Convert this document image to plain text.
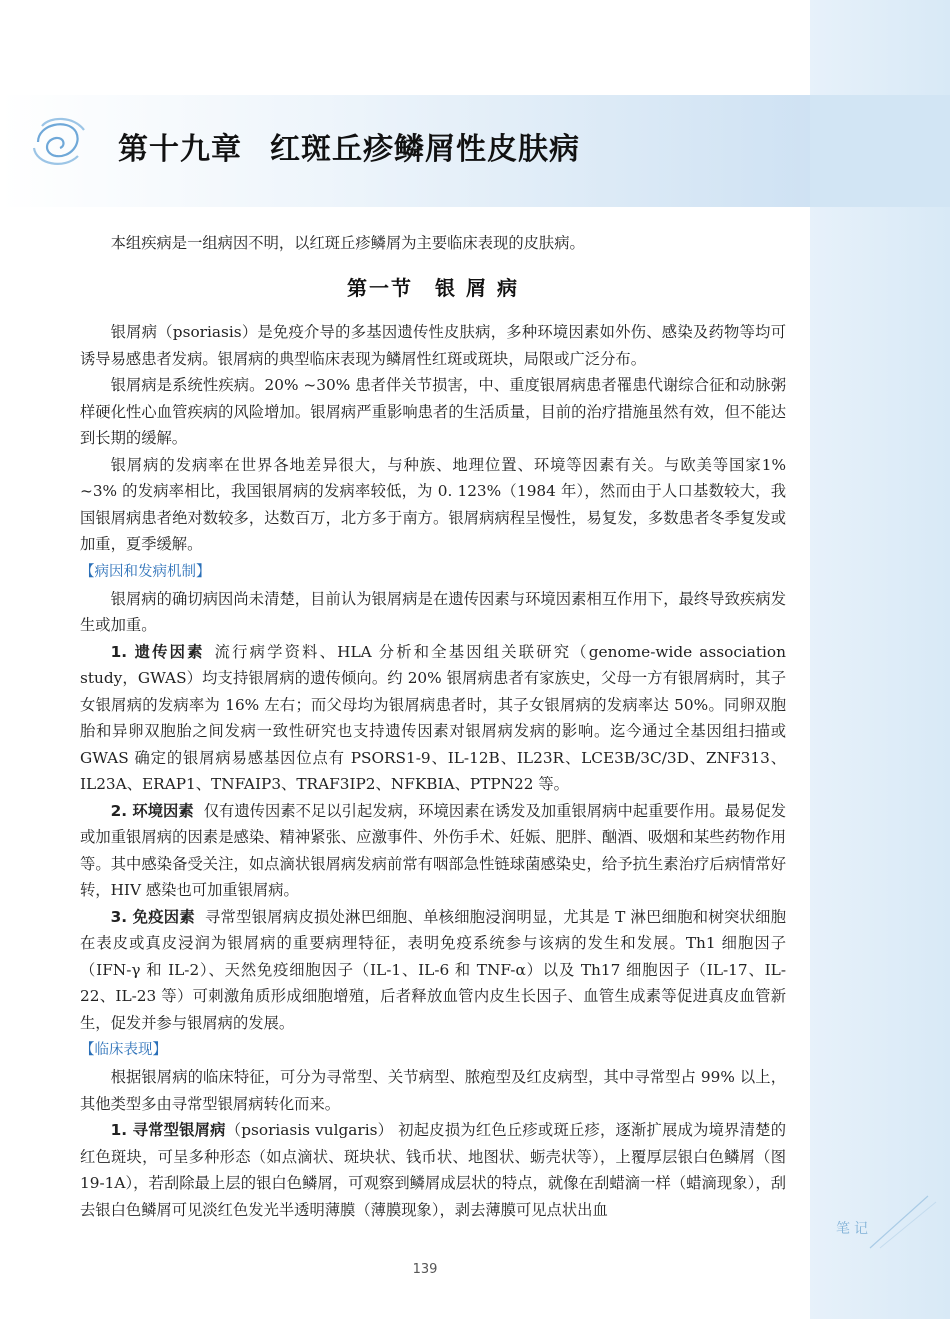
第十九章 红斑丘疹鳞屑性皮肤病

本组疾病是一组病因不明，以红斑丘疹鳞屑为主要临床表现的皮肤病。

第一节 银 屑 病

银屑病（psoriasis）是免疫介导的多基因遗传性皮肤病，多种环境因素如外伤、感染及药物等均可诱导易感患者发病。银屑病的典型临床表现为鳞屑性红斑或斑块，局限或广泛分布。

银屑病是系统性疾病。20% ~30% 患者伴关节损害，中、重度银屑病患者罹患代谢综合征和动脉粥样硬化性心血管疾病的风险增加。银屑病严重影响患者的生活质量，目前的治疗措施虽然有效，但不能达到长期的缓解。

银屑病的发病率在世界各地差异很大，与种族、地理位置、环境等因素有关。与欧美等国家1% ~3% 的发病率相比，我国银屑病的发病率较低，为 0. 123%（1984 年），然而由于人口基数较大，我国银屑病患者绝对数较多，达数百万，北方多于南方。银屑病病程呈慢性，易复发，多数患者冬季复发或加重，夏季缓解。

【病因和发病机制】

银屑病的确切病因尚未清楚，目前认为银屑病是在遗传因素与环境因素相互作用下，最终导致疾病发生或加重。

1. 遗传因素 流行病学资料、HLA 分析和全基因组关联研究（genome-wide association study，GWAS）均支持银屑病的遗传倾向。约 20% 银屑病患者有家族史，父母一方有银屑病时，其子女银屑病的发病率为 16% 左右；而父母均为银屑病患者时，其子女银屑病的发病率达 50%。同卵双胞胎和异卵双胞胎之间发病一致性研究也支持遗传因素对银屑病发病的影响。迄今通过全基因组扫描或 GWAS 确定的银屑病易感基因位点有 PSORS1-9、IL-12B、IL23R、LCE3B/3C/3D、ZNF313、IL23A、ERAP1、TNFAIP3、TRAF3IP2、NFKBIA、PTPN22 等。

2. 环境因素 仅有遗传因素不足以引起发病，环境因素在诱发及加重银屑病中起重要作用。最易促发或加重银屑病的因素是感染、精神紧张、应激事件、外伤手术、妊娠、肥胖、酗酒、吸烟和某些药物作用等。其中感染备受关注，如点滴状银屑病发病前常有咽部急性链球菌感染史，给予抗生素治疗后病情常好转，HIV 感染也可加重银屑病。

3. 免疫因素 寻常型银屑病皮损处淋巴细胞、单核细胞浸润明显，尤其是 T 淋巴细胞和树突状细胞在表皮或真皮浸润为银屑病的重要病理特征，表明免疫系统参与该病的发生和发展。Th1 细胞因子（IFN-γ 和 IL-2）、天然免疫细胞因子（IL-1、IL-6 和 TNF-α）以及 Th17 细胞因子（IL-17、IL-22、IL-23 等）可刺激角质形成细胞增殖，后者释放血管内皮生长因子、血管生成素等促进真皮血管新生，促发并参与银屑病的发展。

【临床表现】

根据银屑病的临床特征，可分为寻常型、关节病型、脓疱型及红皮病型，其中寻常型占 99% 以上，其他类型多由寻常型银屑病转化而来。

1. 寻常型银屑病（psoriasis vulgaris） 初起皮损为红色丘疹或斑丘疹，逐渐扩展成为境界清楚的红色斑块，可呈多种形态（如点滴状、斑块状、钱币状、地图状、蛎壳状等），上覆厚层银白色鳞屑（图 19-1A），若刮除最上层的银白色鳞屑，可观察到鳞屑成层状的特点，就像在刮蜡滴一样（蜡滴现象），刮去银白色鳞屑可见淡红色发光半透明薄膜（薄膜现象），剥去薄膜可见点状出血

笔记
139
